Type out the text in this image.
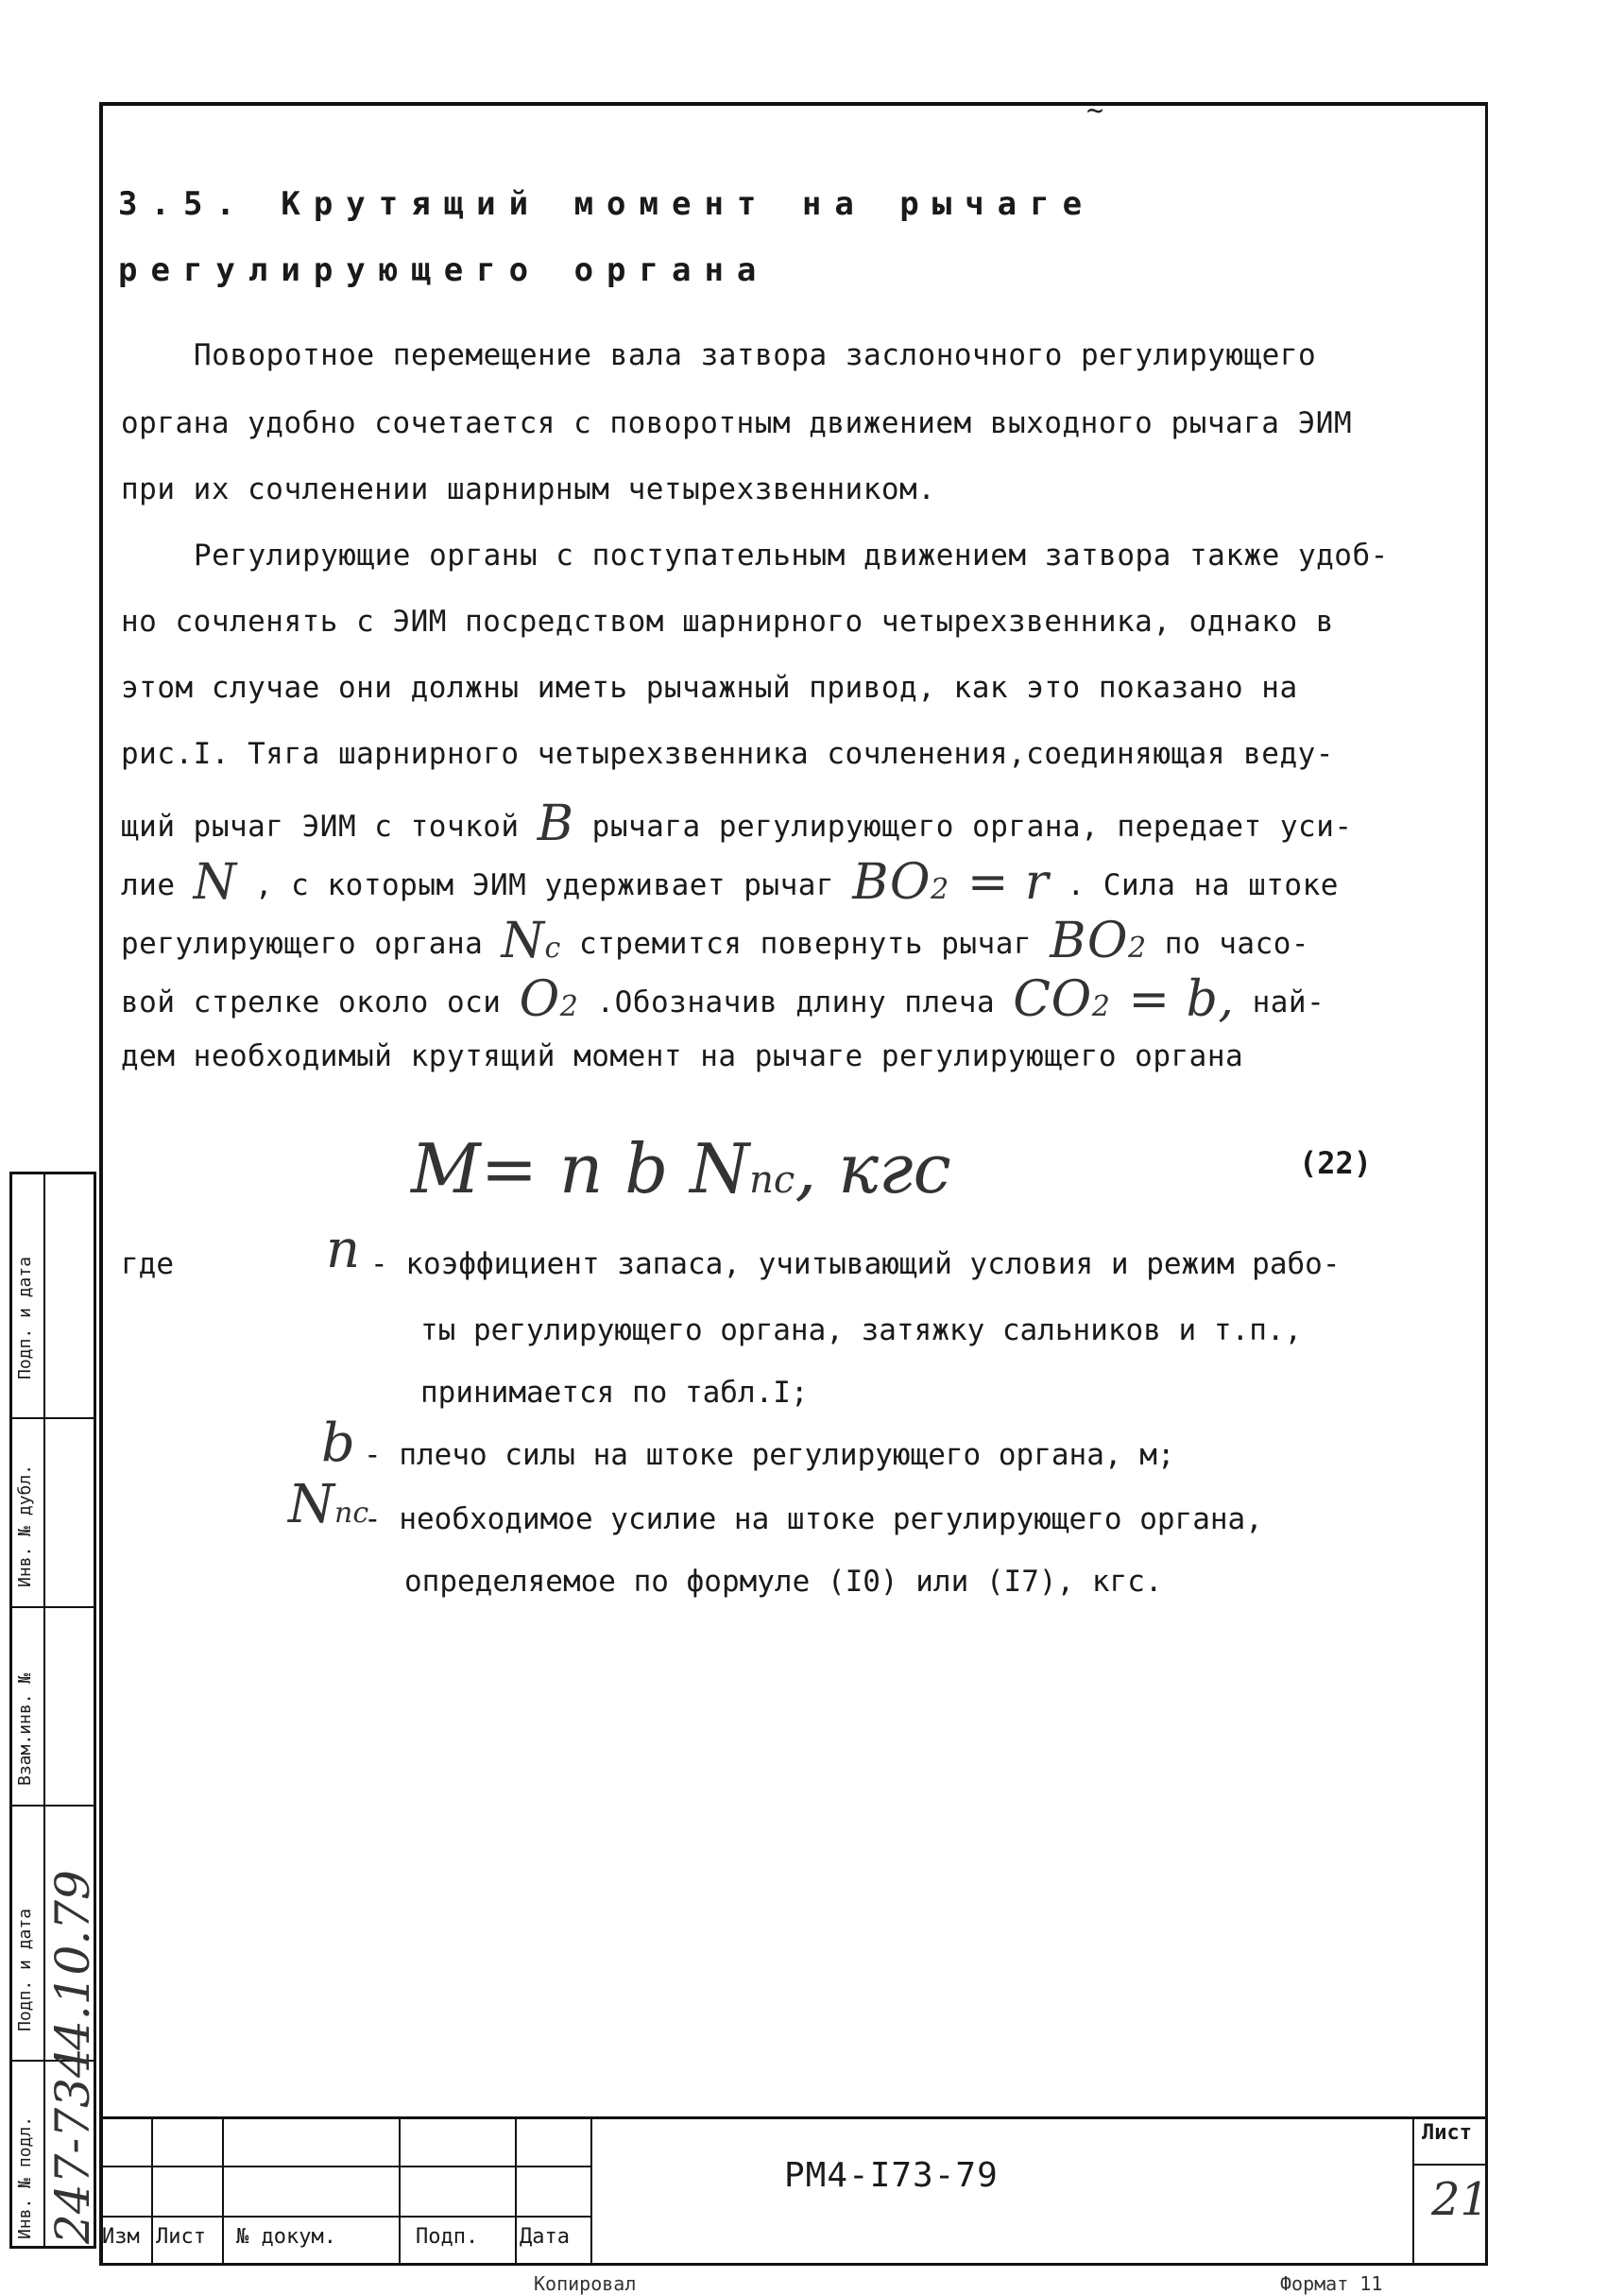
~
3.5. Крутящий момент на рычаге
регулирующего органа
Поворотное перемещение вала затвора заслоночного регулирующего
органа удобно сочетается с поворотным движением выходного рычага ЭИМ
при их сочленении шарнирным четырехзвенником.
Регулирующие органы с поступательным движением затвора также удоб-
но сочленять с ЭИМ посредством шарнирного четырехзвенника, однако в
этом случае они должны иметь рычажный привод, как это показано на
рис.I. Тяга шарнирного четырехзвенника сочленения,соединяющая веду-
щий рычаг ЭИМ с точкой B рычага регулирующего органа, передает уси-
лие N , с которым ЭИМ удерживает рычаг BO2 = r . Сила на штоке
регулирующего органа Nc стремится повернуть рычаг BO2 по часо-
вой стрелке около оси O2 .Обозначив длину плеча CO2 = b, най-
дем необходимый крутящий момент на рычаге регулирующего органа
M= n b Nnc, кгс	(22)
где	n - коэффициент запаса, учитывающий условия и режим рабо-
ты регулирующего органа, затяжку сальников и т.п.,
принимается по табл.I;
b - плечо силы на штоке регулирующего органа, м;
Nnc
- необходимое усилие на штоке регулирующего органа,
определяемое по формуле (I0) или (I7), кгс.
Подп. и дата
Инв. № дубл.
Взам.инв. №
Подп. и дата
Инв. № подл.
4.10.79
247-734 Изм Лист № докум.	Подп. Дата
РМ4-I73-79
Лист
21
Копировал	Формат 11
